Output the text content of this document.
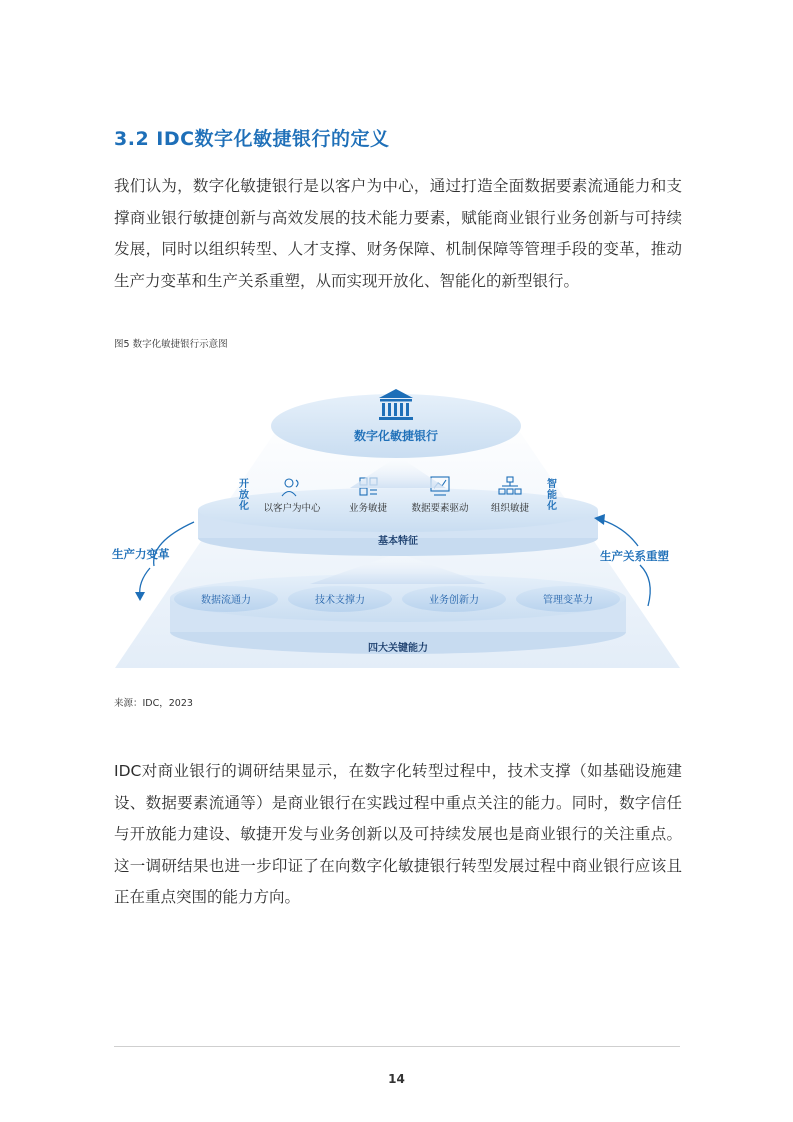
3.2 IDC数字化敏捷银行的定义

我们认为，数字化敏捷银行是以客户为中心，通过打造全面数据要素流通能力和支撑商业银行敏捷创新与高效发展的技术能力要素，赋能商业银行业务创新与可持续发展，同时以组织转型、人才支撑、财务保障、机制保障等管理手段的变革，推动生产力变革和生产关系重塑，从而实现开放化、智能化的新型银行。

图5 数字化敏捷银行示意图
四大关键能力
数据流通力	技术支撑力	业务创新力	管理变革力
基本特征
开 放 化
智 能 化
以客户为中心	业务敏捷	数据要素驱动 组织敏捷
数字化敏捷银行
生产力变革	生产关系重塑
来源：IDC，2023

IDC对商业银行的调研结果显示，在数字化转型过程中，技术支撑（如基础设施建设、数据要素流通等）是商业银行在实践过程中重点关注的能力。同时，数字信任与开放能力建设、敏捷开发与业务创新以及可持续发展也是商业银行的关注重点。这一调研结果也进一步印证了在向数字化敏捷银行转型发展过程中商业银行应该且正在重点突围的能力方向。

14
